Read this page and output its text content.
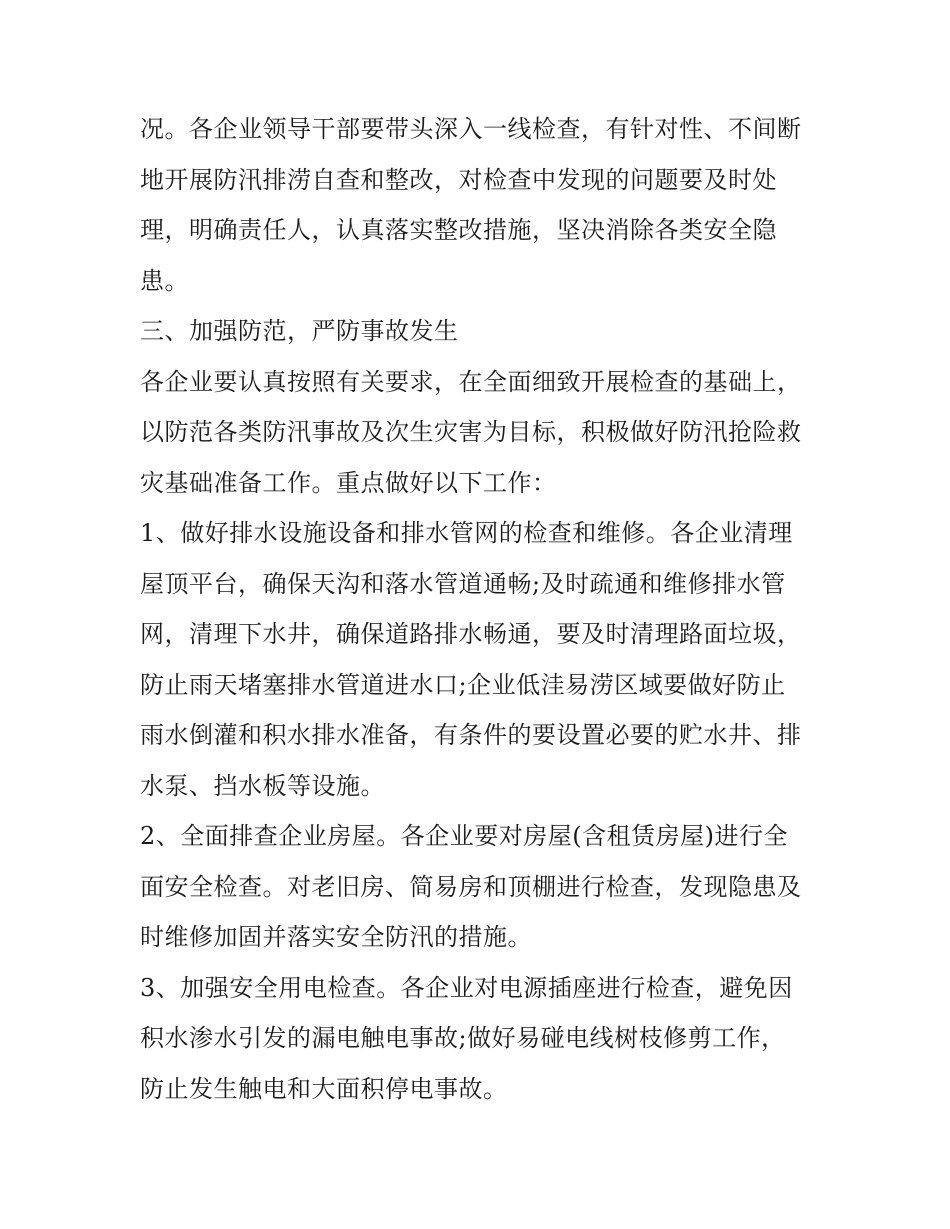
况。各企业领导干部要带头深入一线检查，有针对性、不间断
地开展防汛排涝自查和整改，对检查中发现的问题要及时处
理，明确责任人，认真落实整改措施，坚决消除各类安全隐
患。
三、加强防范，严防事故发生
各企业要认真按照有关要求，在全面细致开展检查的基础上，
以防范各类防汛事故及次生灾害为目标，积极做好防汛抢险救
灾基础准备工作。重点做好以下工作：
1、做好排水设施设备和排水管网的检查和维修。各企业清理
屋顶平台，确保天沟和落水管道通畅;及时疏通和维修排水管
网，清理下水井，确保道路排水畅通，要及时清理路面垃圾，
防止雨天堵塞排水管道进水口;企业低洼易涝区域要做好防止
雨水倒灌和积水排水准备，有条件的要设置必要的贮水井、排
水泵、挡水板等设施。
2、全面排查企业房屋。各企业要对房屋(含租赁房屋)进行全
面安全检查。对老旧房、简易房和顶棚进行检查，发现隐患及
时维修加固并落实安全防汛的措施。
3、加强安全用电检查。各企业对电源插座进行检查，避免因
积水渗水引发的漏电触电事故;做好易碰电线树枝修剪工作，
防止发生触电和大面积停电事故。
